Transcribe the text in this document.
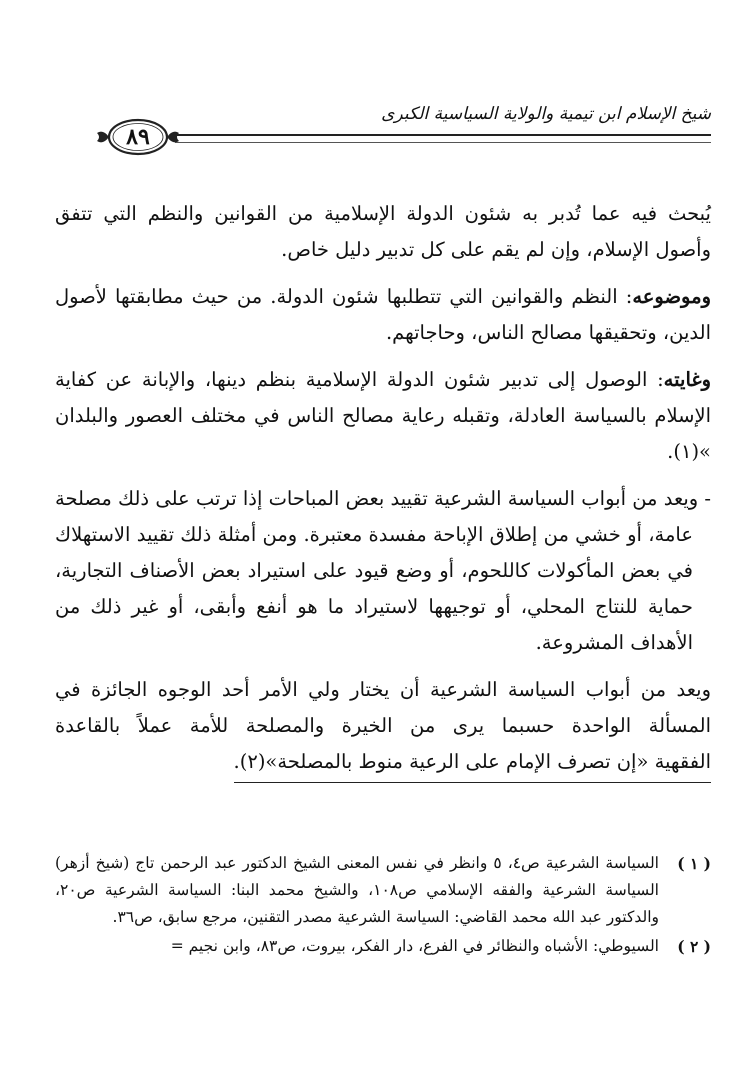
شيخ الإسلام ابن تيمية والولاية السياسية الكبرى
٨٩

يُبحث فيه عما تُدبر به شئون الدولة الإسلامية من القوانين والنظم التي تتفق وأصول الإسلام، وإن لم يقم على كل تدبير دليل خاص.

وموضوعه: النظم والقوانين التي تتطلبها شئون الدولة. من حيث مطابقتها لأصول الدين، وتحقيقها مصالح الناس، وحاجاتهم.

وغايته: الوصول إلى تدبير شئون الدولة الإسلامية بنظم دينها، والإبانة عن كفاية الإسلام بالسياسة العادلة، وتقبله رعاية مصالح الناس في مختلف العصور والبلدان »(١).

- ويعد من أبواب السياسة الشرعية تقييد بعض المباحات إذا ترتب على ذلك مصلحة عامة، أو خشي من إطلاق الإباحة مفسدة معتبرة. ومن أمثلة ذلك تقييد الاستهلاك في بعض المأكولات كاللحوم، أو وضع قيود على استيراد بعض الأصناف التجارية، حماية للنتاج المحلي، أو توجيهها لاستيراد ما هو أنفع وأبقى، أو غير ذلك من الأهداف المشروعة.

ويعد من أبواب السياسة الشرعية أن يختار ولي الأمر أحد الوجوه الجائزة في المسألة الواحدة حسبما يرى من الخيرة والمصلحة للأمة عملاً بالقاعدة الفقهية «إن تصرف الإمام على الرعية منوط بالمصلحة»(٢).

( ١ )
السياسة الشرعية ص٤، ٥ وانظر في نفس المعنى الشيخ الدكتور عبد الرحمن تاج (شيخ أزهر) السياسة الشرعية والفقه الإسلامي ص١٠٨، والشيخ محمد البنا: السياسة الشرعية ص٢٠، والدكتور عبد الله محمد القاضي: السياسة الشرعية مصدر التقنين، مرجع سابق، ص٣٦.
( ٢ )
السيوطي: الأشباه والنظائر في الفرع، دار الفكر، بيروت، ص٨٣، وابن نجيم =
